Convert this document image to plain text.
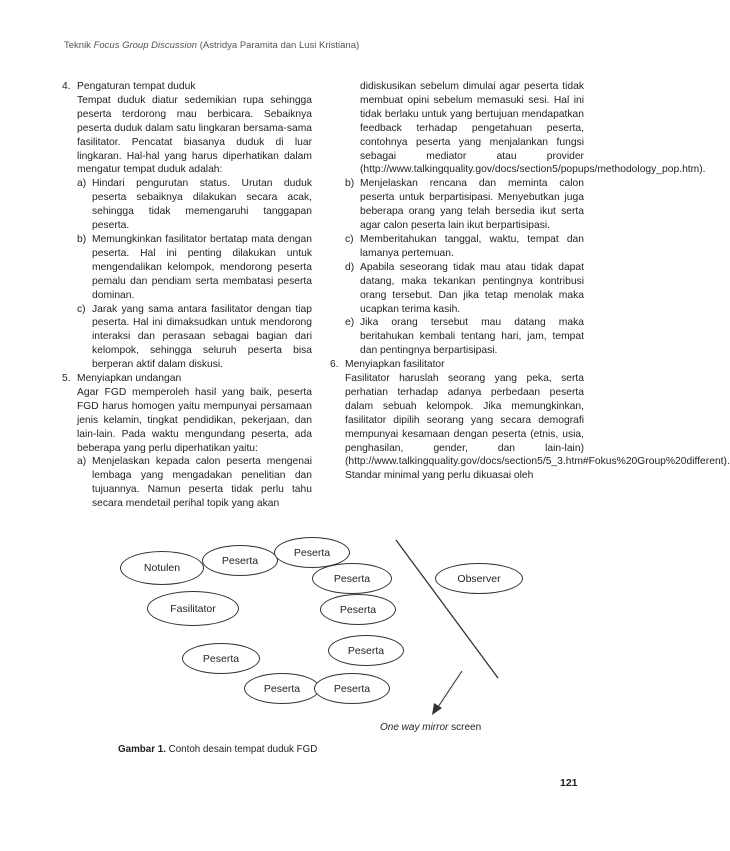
Teknik Focus Group Discussion (Astridya Paramita dan Lusi Kristiana)
4. Pengaturan tempat duduk

Tempat duduk diatur sedemikian rupa sehingga peserta terdorong mau berbicara. Sebaiknya peserta duduk dalam satu lingkaran bersama-sama fasilitator. Pencatat biasanya duduk di luar lingkaran. Hal-hal yang harus diperhatikan dalam mengatur tempat duduk adalah:

a) Hindari pengurutan status. Urutan duduk peserta sebaiknya dilakukan secara acak, sehingga tidak memengaruhi tanggapan peserta.
b) Memungkinkan fasilitator bertatap mata dengan peserta. Hal ini penting dilakukan untuk mengendalikan kelompok, mendorong peserta pemalu dan pendiam serta membatasi peserta dominan.
c) Jarak yang sama antara fasilitator dengan tiap peserta. Hal ini dimaksudkan untuk mendorong interaksi dan perasaan sebagai bagian dari kelompok, sehingga seluruh peserta bisa berperan aktif dalam diskusi.
5. Menyiapkan undangan

Agar FGD memperoleh hasil yang baik, peserta FGD harus homogen yaitu mempunyai persamaan jenis kelamin, tingkat pendidikan, pekerjaan, dan lain-lain. Pada waktu mengundang peserta, ada beberapa yang perlu diperhatikan yaitu:

a) Menjelaskan kepada calon peserta mengenai lembaga yang mengadakan penelitian dan tujuannya. Namun peserta tidak perlu tahu secara mendetail perihal topik yang akan

didiskusikan sebelum dimulai agar peserta tidak membuat opini sebelum memasuki sesi. Hal ini tidak berlaku untuk yang bertujuan mendapatkan feedback terhadap pengetahuan peserta, contohnya peserta yang menjalankan fungsi sebagai mediator atau provider (http://www.talkingquality.gov/docs/section5/popups/methodology_pop.htm).

b) Menjelaskan rencana dan meminta calon peserta untuk berpartisipasi. Menyebutkan juga beberapa orang yang telah bersedia ikut serta agar calon peserta lain ikut berpartisipasi.
c) Memberitahukan tanggal, waktu, tempat dan lamanya pertemuan.
d) Apabila seseorang tidak mau atau tidak dapat datang, maka tekankan pentingnya kontribusi orang tersebut. Dan jika tetap menolak maka ucapkan terima kasih.
e) Jika orang tersebut mau datang maka beritahukan kembali tentang hari, jam, tempat dan pentingnya berpartisipasi.
6. Menyiapkan fasilitator

Fasilitator haruslah seorang yang peka, serta perhatian terhadap adanya perbedaan peserta dalam sebuah kelompok. Jika memungkinkan, fasilitator dipilih seorang yang secara demografi mempunyai kesamaan dengan peserta (etnis, usia, penghasilan, gender, dan lain-lain) (http://www.talkingquality.gov/docs/section5/5_3.htm#Fokus%20Group%20different).

Standar minimal yang perlu dikuasai oleh

Notulen
Peserta
Peserta
Peserta	Observer
Fasilitator	Peserta
Peserta
Peserta
Peserta	Peserta
One way mirror screen
Gambar 1. Contoh desain tempat duduk FGD
121
